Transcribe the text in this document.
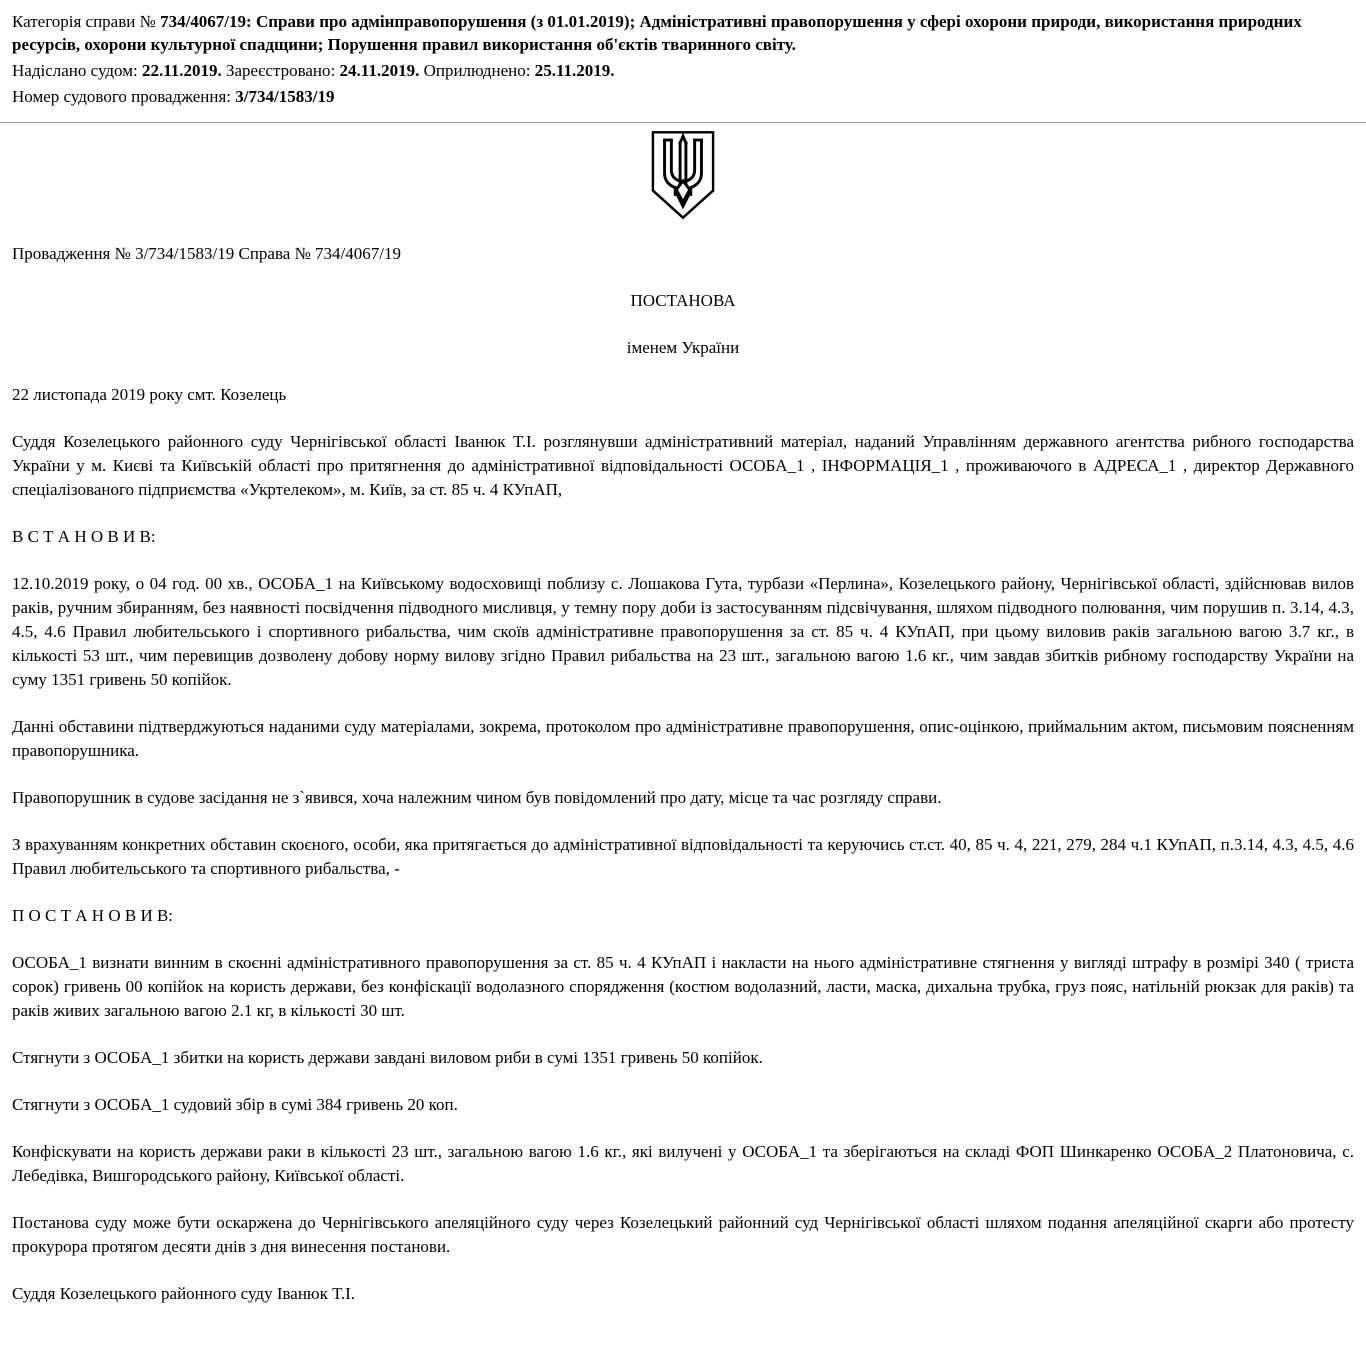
Категорія справи № 734/4067/19: Справи про адмінправопорушення (з 01.01.2019); Адміністративні правопорушення у сфері охорони природи, використання природних ресурсів, охорони культурної спадщини; Порушення правил використання об'єктів тваринного світу.

Надіслано судом: 22.11.2019. Зареєстровано: 24.11.2019. Оприлюднено: 25.11.2019.

Номер судового провадження: 3/734/1583/19

Провадження № 3/734/1583/19 Справа № 734/4067/19

ПОСТАНОВА

іменем України

22 листопада 2019 року смт. Козелець

Суддя Козелецького районного суду Чернігівської області Іванюк Т.І. розглянувши адміністративний матеріал, наданий Управлінням державного агентства рибного господарства України у м. Києві та Київській області про притягнення до адміністративної відповідальності ОСОБА_1 , ІНФОРМАЦІЯ_1 , проживаючого в АДРЕСА_1 , директор Державного спеціалізованого підприємства «Укртелеком», м. Київ, за ст. 85 ч. 4 КУпАП,

В С Т А Н О В И В:

12.10.2019 року, о 04 год. 00 хв., ОСОБА_1 на Київському водосховищі поблизу с. Лошакова Гута, турбази «Перлина», Козелецького району, Чернігівської області, здійснював вилов раків, ручним збиранням, без наявності посвідчення підводного мисливця, у темну пору доби із застосуванням підсвічування, шляхом підводного полювання, чим порушив п. 3.14, 4.3, 4.5, 4.6 Правил любительського і спортивного рибальства, чим скоїв адміністративне правопорушення за ст. 85 ч. 4 КУпАП, при цьому виловив раків загальною вагою 3.7 кг., в кількості 53 шт., чим перевищив дозволену добову норму вилову згідно Правил рибальства на 23 шт., загальною вагою 1.6 кг., чим завдав збитків рибному господарству України на суму 1351 гривень 50 копійок.

Данні обставини підтверджуються наданими суду матеріалами, зокрема, протоколом про адміністративне правопорушення, опис-оцінкою, приймальним актом, письмовим поясненням правопорушника.

Правопорушник в судове засідання не з`явився, хоча належним чином був повідомлений про дату, місце та час розгляду справи.

З врахуванням конкретних обставин скоєного, особи, яка притягається до адміністративної відповідальності та керуючись ст.ст. 40, 85 ч. 4, 221, 279, 284 ч.1 КУпАП, п.3.14, 4.3, 4.5, 4.6 Правил любительського та спортивного рибальства, -

П О С Т А Н О В И В:

ОСОБА_1 визнати винним в скоєнні адміністративного правопорушення за ст. 85 ч. 4 КУпАП і накласти на нього адміністративне стягнення у вигляді штрафу в розмірі 340 ( триста сорок) гривень 00 копійок на користь держави, без конфіскації водолазного спорядження (костюм водолазний, ласти, маска, дихальна трубка, груз пояс, натільній рюкзак для раків) та раків живих загальною вагою 2.1 кг, в кількості 30 шт.

Стягнути з ОСОБА_1 збитки на користь держави завдані виловом риби в сумі 1351 гривень 50 копійок.

Стягнути з ОСОБА_1 судовий збір в сумі 384 гривень 20 коп.

Конфіскувати на користь держави раки в кількості 23 шт., загальною вагою 1.6 кг., які вилучені у ОСОБА_1 та зберігаються на складі ФОП Шинкаренко ОСОБА_2 Платоновича, с. Лебедівка, Вишгородського району, Київської області.

Постанова суду може бути оскаржена до Чернігівського апеляційного суду через Козелецький районний суд Чернігівської області шляхом подання апеляційної скарги або протесту прокурора протягом десяти днів з дня винесення постанови.

Суддя Козелецького районного суду Іванюк Т.І.
